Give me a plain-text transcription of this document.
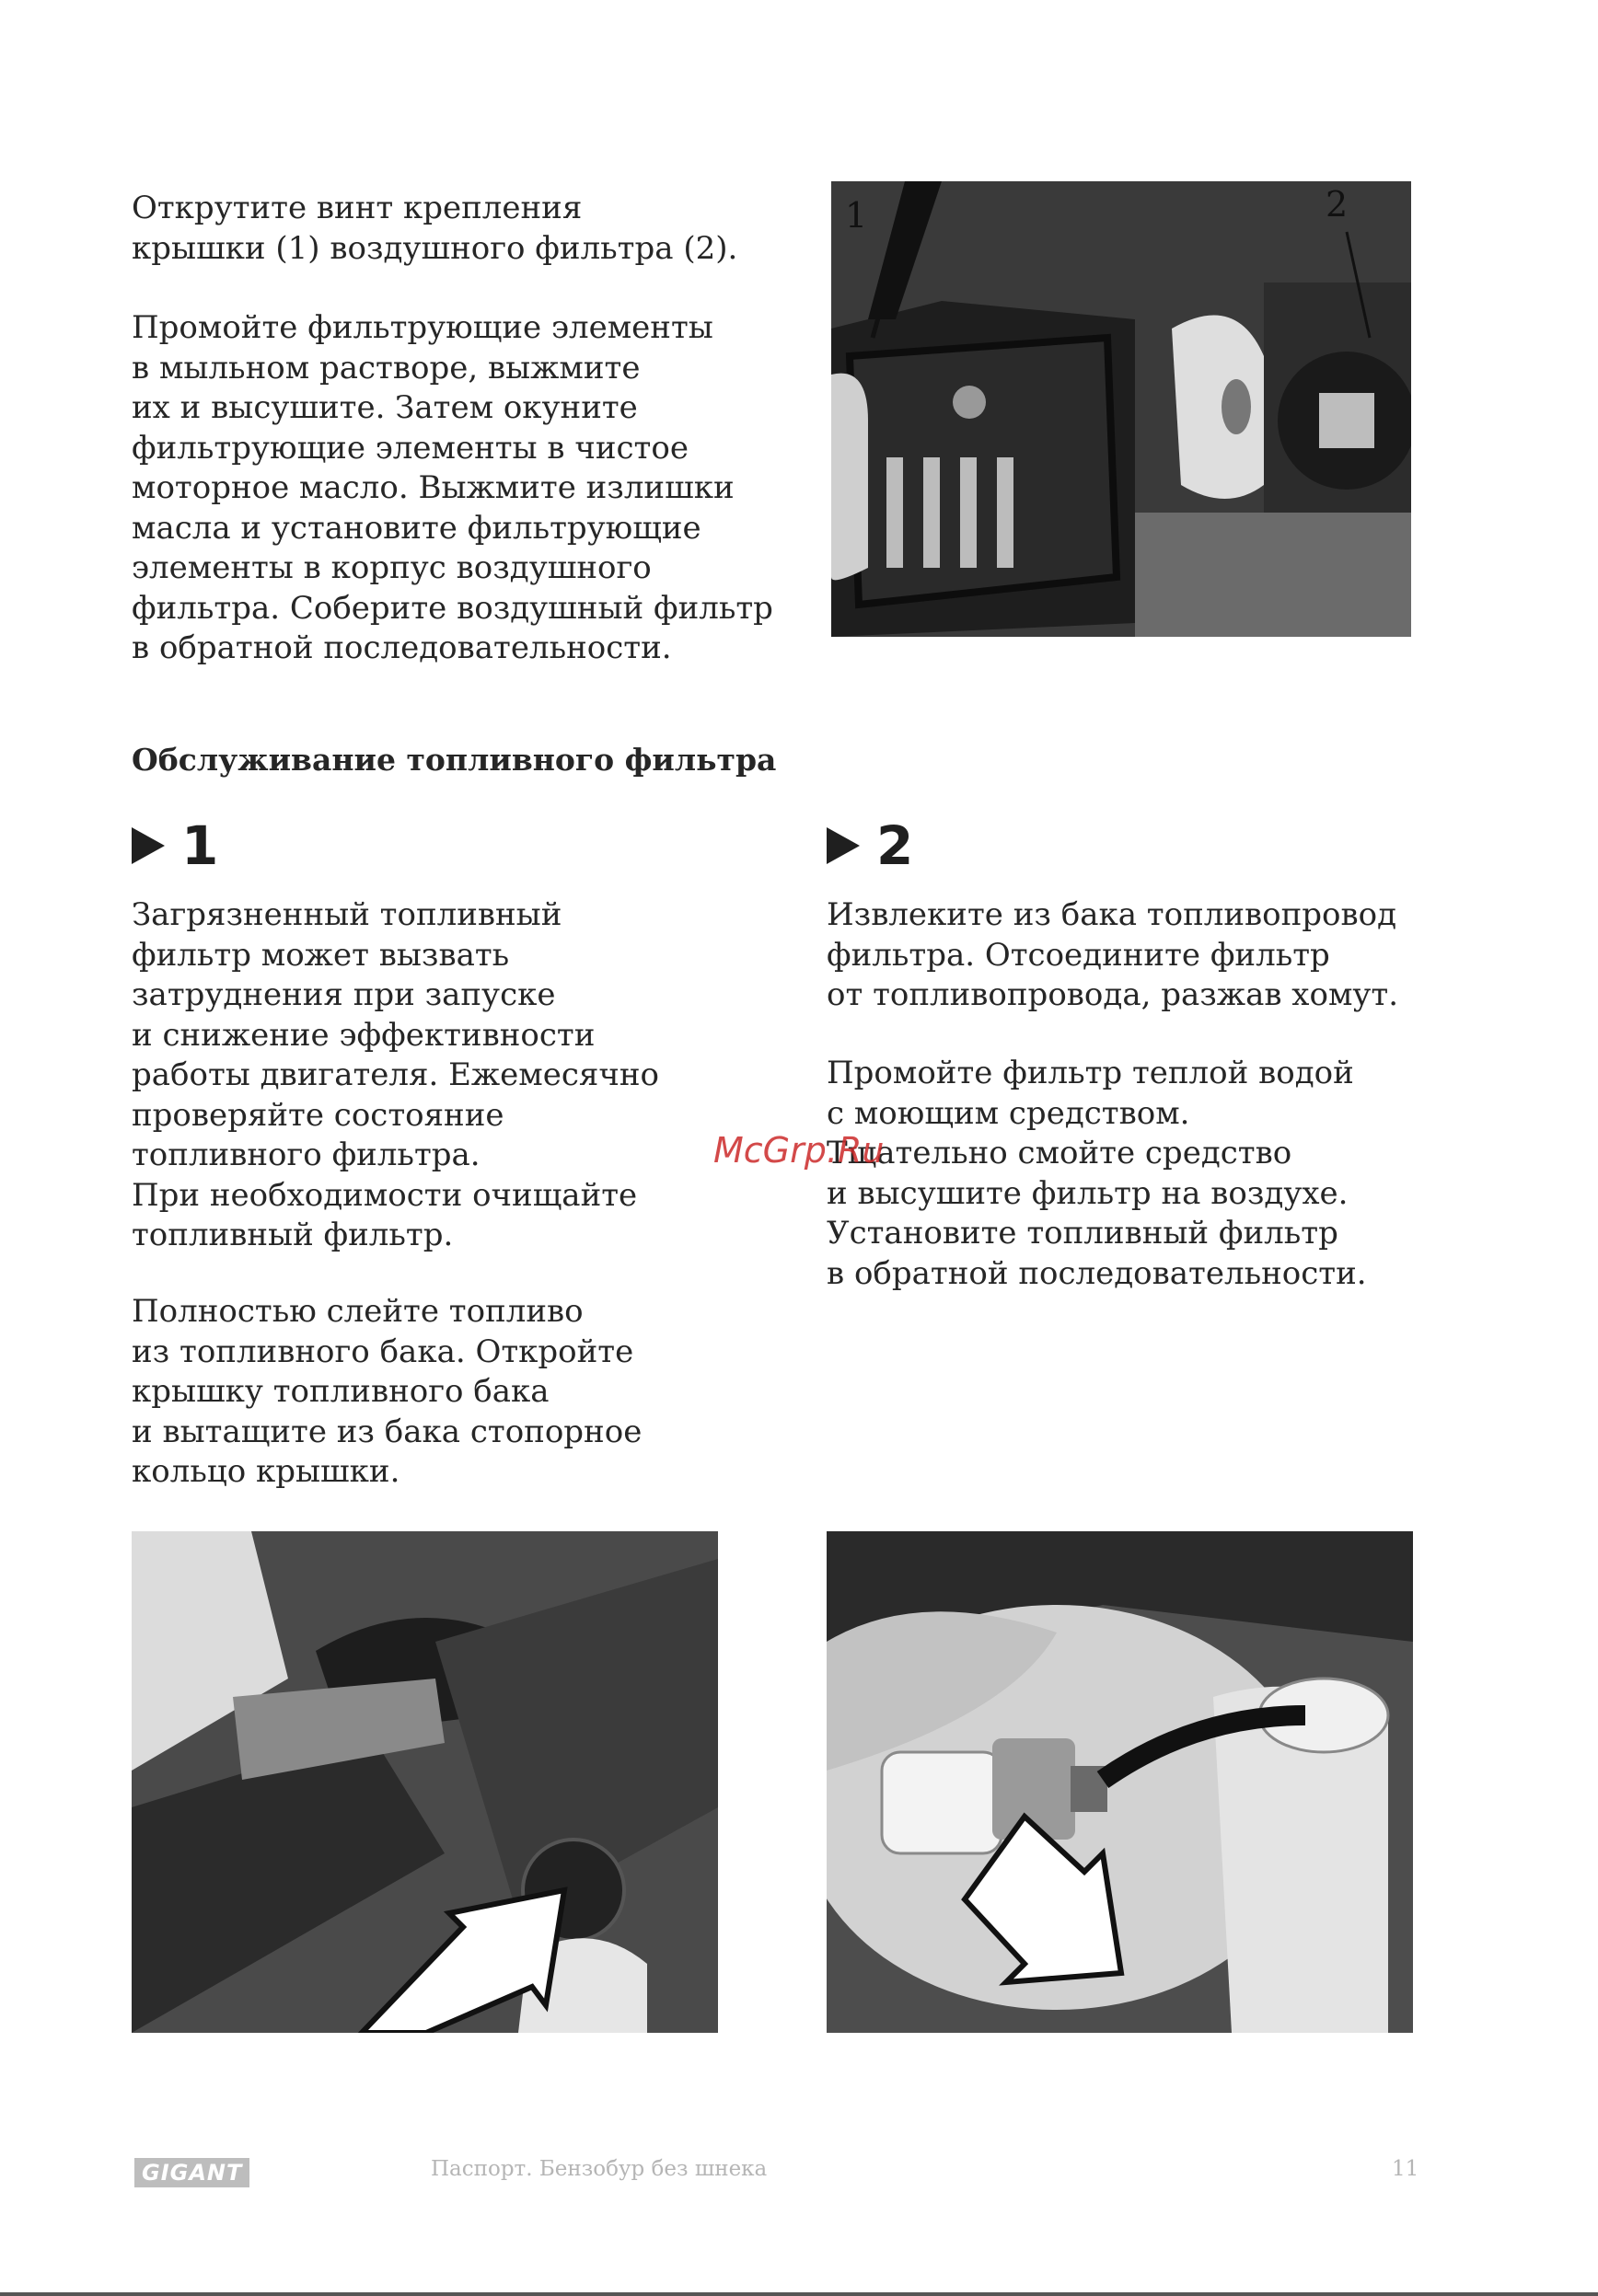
Открутите винт крепления
крышки (1) воздушного фильтра (2).
Промойте фильтрующие элементы
в мыльном растворе, выжмите
их и высушите. Затем окуните
фильтрующие элементы в чистое
моторное масло. Выжмите излишки
масла и установите фильтрующие
элементы в корпус воздушного
фильтра. Соберите воздушный фильтр
в обратной последовательности.
1	2
Обслуживание топливного фильтра
1
Загрязненный топливный
фильтр может вызвать
затруднения при запуске
и снижение эффективности
работы двигателя. Ежемесячно
проверяйте состояние
топливного фильтра.
При необходимости очищайте
топливный фильтр.
Полностью слейте топливо
из топливного бака. Откройте
крышку топливного бака
и вытащите из бака стопорное
кольцо крышки.
2
Извлеките из бака топливопровод
фильтра. Отсоедините фильтр
от топливопровода, разжав хомут.
Промойте фильтр теплой водой
с моющим средством.
Тщательно смойте средство
и высушите фильтр на воздухе.
Установите топливный фильтр
в обратной последовательности.
McGrp.Ru
GIGANT	Паспорт. Бензобур без шнека	11
